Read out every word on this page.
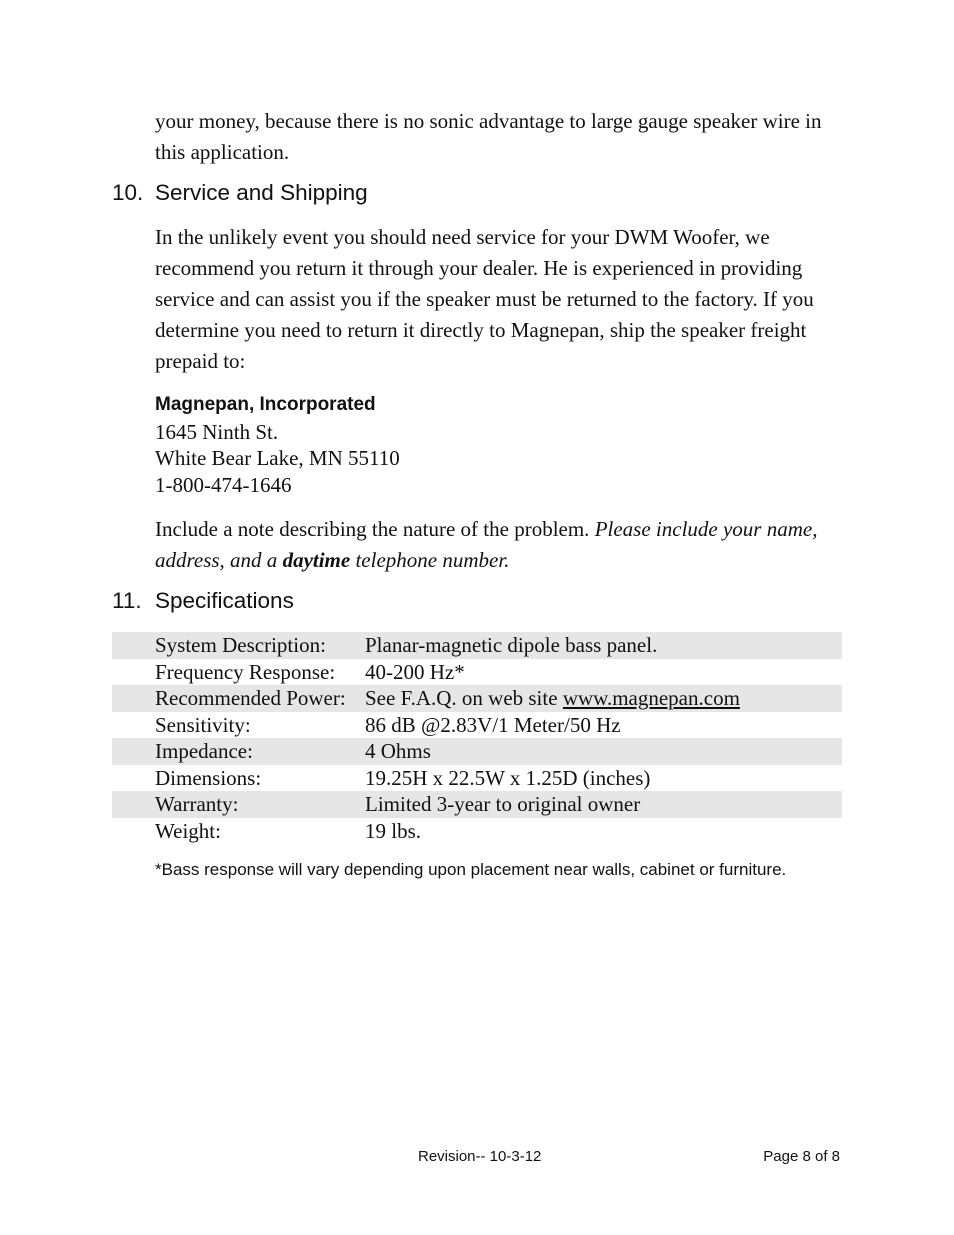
your money, because there is no sonic advantage to large gauge speaker wire in this application.

10. Service and Shipping

In the unlikely event you should need service for your DWM Woofer, we recommend you return it through your dealer. He is experienced in providing service and can assist you if the speaker must be returned to the factory. If you determine you need to return it directly to Magnepan, ship the speaker freight prepaid to:

Magnepan, Incorporated
1645 Ninth St.
White Bear Lake, MN 55110
1-800-474-1646

Include a note describing the nature of the problem. Please include your name, address, and a daytime telephone number.

11. Specifications
System Description:	Planar-magnetic dipole bass panel.
Frequency Response:	40-200 Hz*
Recommended Power: See F.A.Q. on web site www.magnepan.com
Sensitivity:	86 dB @2.83V/1 Meter/50 Hz
Impedance:	4 Ohms
Dimensions:	19.25H x 22.5W x 1.25D (inches)
Warranty:	Limited 3-year to original owner
Weight:	19 lbs.
*Bass response will vary depending upon placement near walls, cabinet or furniture.
Revision-- 10-3-12	Page 8 of 8
